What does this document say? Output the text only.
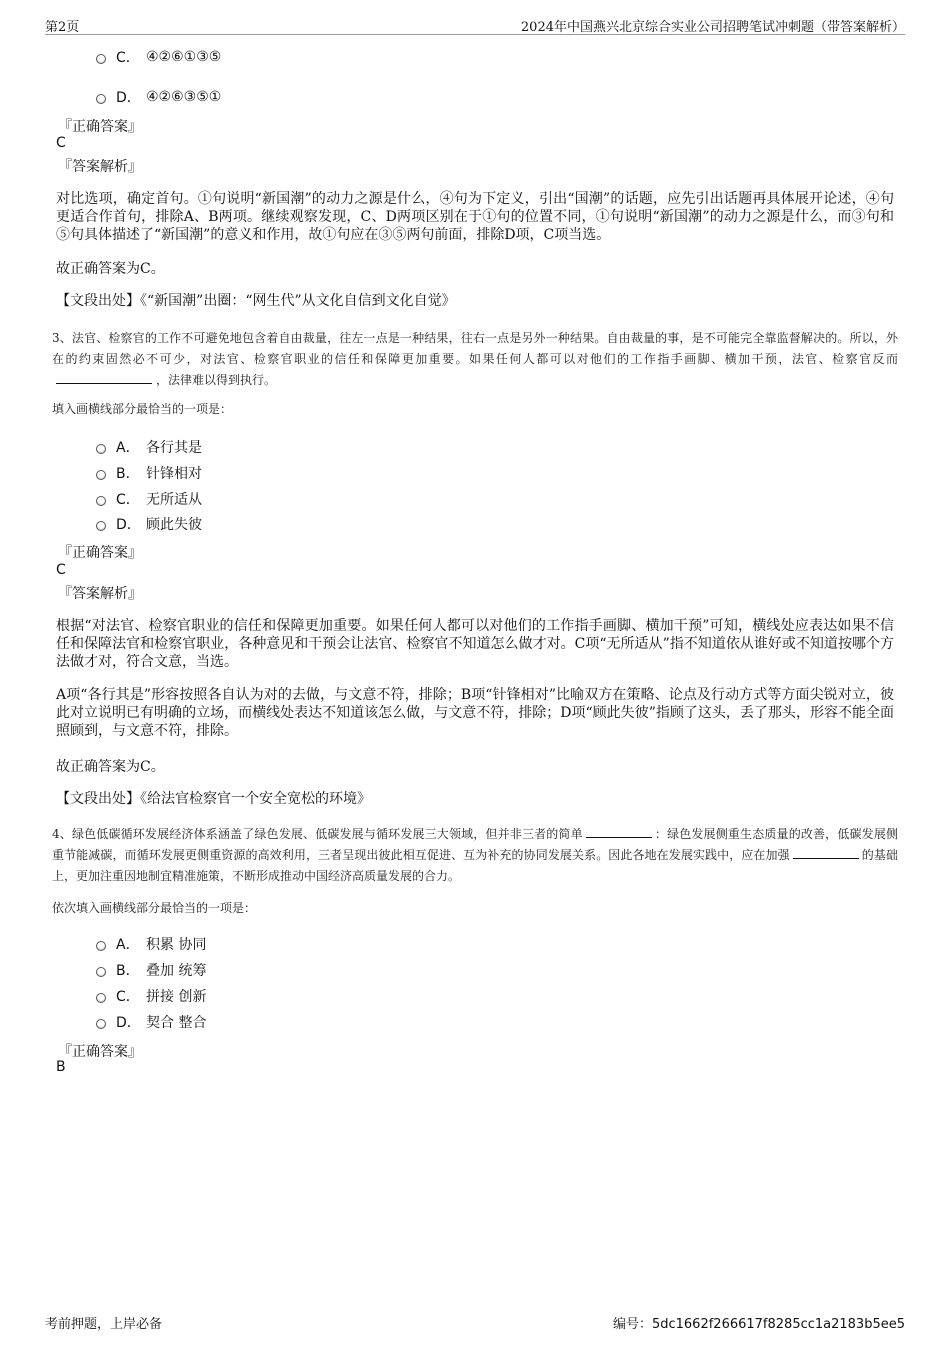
第2页	2024年中国燕兴北京综合实业公司招聘笔试冲刺题（带答案解析）
C． ④②⑥①③⑤
D． ④②⑥③⑤①
『正确答案』
C
『答案解析』
对比选项，确定首句。①句说明“新国潮”的动力之源是什么，④句为下定义，引出“国潮”的话题，应先引出话题再具体展开论述，④句更适合作首句，排除A、B两项。继续观察发现，C、D两项区别在于①句的位置不同，①句说明“新国潮”的动力之源是什么，而③句和⑤句具体描述了“新国潮”的意义和作用，故①句应在③⑤两句前面，排除D项，C项当选。
故正确答案为C。
【文段出处】《“新国潮”出圈：“网生代”从文化自信到文化自觉》
3、法官、检察官的工作不可避免地包含着自由裁量，往左一点是一种结果，往右一点是另外一种结果。自由裁量的事，是不可能完全靠监督解决的。所以，外在的约束固然必不可少，对法官、检察官职业的信任和保障更加重要。如果任何人都可以对他们的工作指手画脚、横加干预，法官、检察官反而，法律难以得到执行。
填入画横线部分最恰当的一项是：
A． 各行其是
B． 针锋相对
C． 无所适从
D． 顾此失彼
『正确答案』
C
『答案解析』
根据“对法官、检察官职业的信任和保障更加重要。如果任何人都可以对他们的工作指手画脚、横加干预”可知，横线处应表达如果不信任和保障法官和检察官职业，各种意见和干预会让法官、检察官不知道怎么做才对。C项“无所适从”指不知道依从谁好或不知道按哪个方法做才对，符合文意，当选。
A项“各行其是”形容按照各自认为对的去做，与文意不符，排除；B项“针锋相对”比喻双方在策略、论点及行动方式等方面尖锐对立，彼此对立说明已有明确的立场，而横线处表达不知道该怎么做，与文意不符，排除；D项“顾此失彼”指顾了这头，丢了那头，形容不能全面照顾到，与文意不符，排除。
故正确答案为C。
【文段出处】《给法官检察官一个安全宽松的环境》
4、绿色低碳循环发展经济体系涵盖了绿色发展、低碳发展与循环发展三大领域，但并非三者的简单	：绿色发展侧重生态质量的改善，低碳发展侧重节能减碳，而循环发展更侧重资源的高效利用，三者呈现出彼此相互促进、互为补充的协同发展关系。因此各地在发展实践中，应在加强	的基础上，更加注重因地制宜精准施策，不断形成推动中国经济高质量发展的合力。
依次填入画横线部分最恰当的一项是：
A． 积累 协同
B． 叠加 统筹
C． 拼接 创新
D． 契合 整合
『正确答案』
B
考前押题，上岸必备	编号：5dc1662f266617f8285cc1a2183b5ee5
